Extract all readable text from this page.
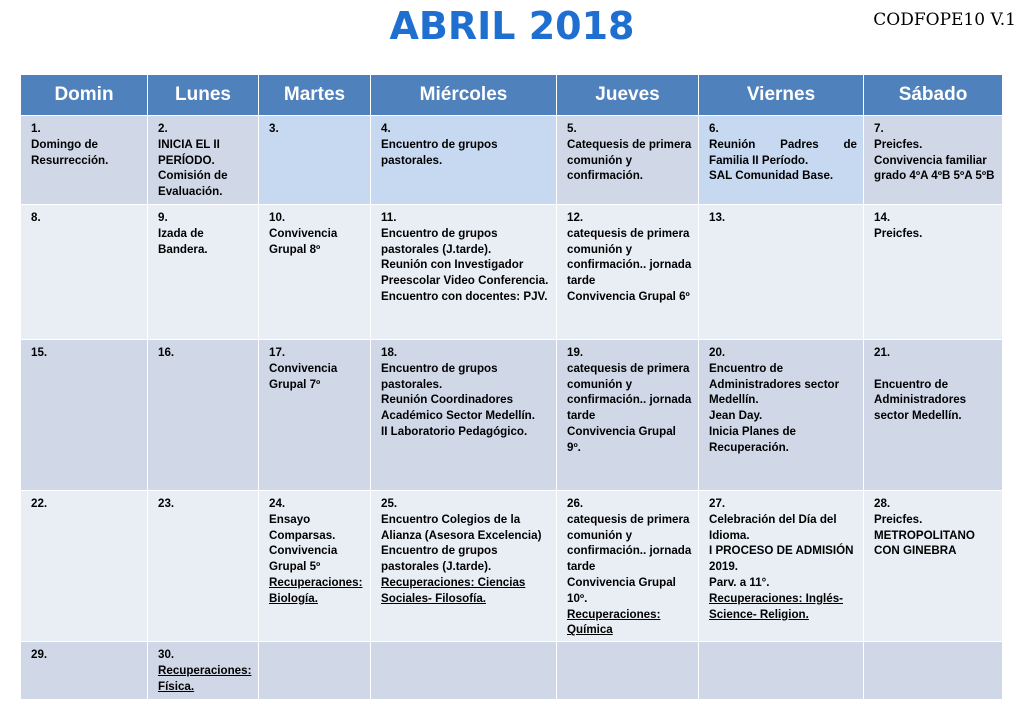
ABRIL 2018	CODFOPE10 V.1
Domin	Lunes	Martes	Miércoles	Jueves	Viernes	Sábado

1.
Domingo de Resurrección.	2.
INICIA EL II PERÍODO.
Comisión de Evaluación.	3.	4.
Encuentro de grupos pastorales.	5.
Catequesis de primera comunión y confirmación.	6.
Reunión Padres de Familia II Período.
SAL Comunidad Base.	7.
Preicfes.
Convivencia familiar grado 4ºA 4ºB 5ºA 5ºB

8.	9.
Izada de Bandera.	10.
Convivencia Grupal 8º	11.
Encuentro de grupos pastorales (J.tarde).
Reunión con Investigador Preescolar Video Conferencia.
Encuentro con docentes: PJV.	12.
catequesis de primera comunión y confirmación.. jornada tarde
Convivencia Grupal 6º	13.	14.
Preicfes.

15.	16.	17.
Convivencia Grupal 7º	18.
Encuentro de grupos pastorales.
Reunión Coordinadores Académico Sector Medellín.
II Laboratorio Pedagógico.	19.
catequesis de primera comunión y confirmación.. jornada tarde
Convivencia Grupal 9º.	20.
Encuentro de Administradores sector Medellín.
Jean Day.
Inicia Planes de Recuperación.	21.

Encuentro de Administradores sector Medellín.

22.	23.	24.
Ensayo Comparsas.
Convivencia Grupal 5º
Recuperaciones: Biología.	25.
Encuentro Colegios de la Alianza (Asesora Excelencia)
Encuentro de grupos pastorales (J.tarde).
Recuperaciones: Ciencias Sociales- Filosofía.	26.
catequesis de primera comunión y confirmación.. jornada tarde
Convivencia Grupal 10º.
Recuperaciones: Química	27.
Celebración del Día del Idioma.
I PROCESO DE ADMISIÓN 2019.
Parv. a 11°.
Recuperaciones: Inglés- Science- Religion.	28.
Preicfes.
METROPOLITANO CON GINEBRA

29.	30.
Recuperaciones: Física.					
